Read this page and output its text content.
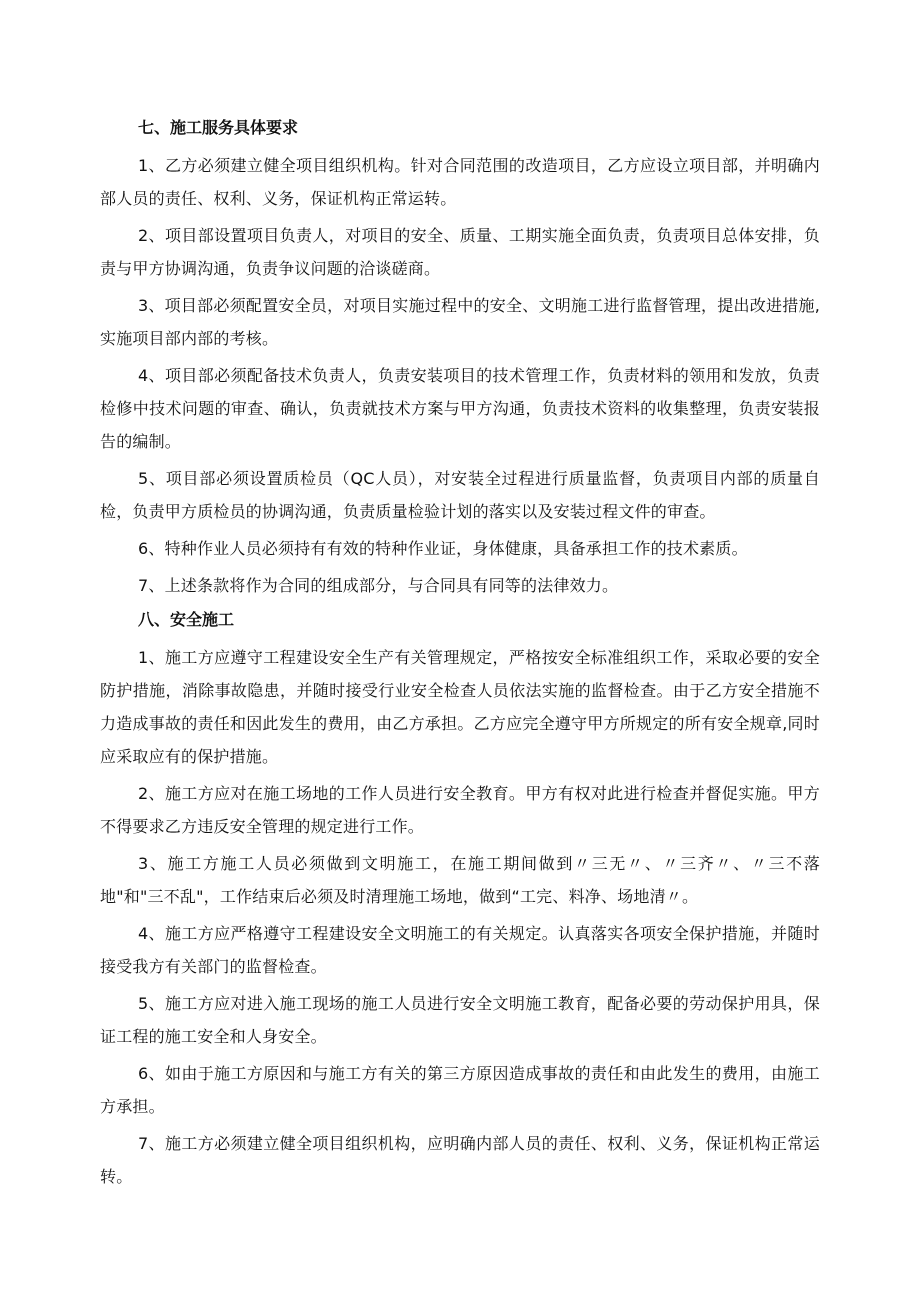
七、施工服务具体要求

1、乙方必须建立健全项目组织机构。针对合同范围的改造项目，乙方应设立项目部，并明确内部人员的责任、权利、义务，保证机构正常运转。

2、项目部设置项目负责人，对项目的安全、质量、工期实施全面负责，负责项目总体安排，负责与甲方协调沟通，负责争议问题的洽谈磋商。

3、项目部必须配置安全员，对项目实施过程中的安全、文明施工进行监督管理，提出改进措施,实施项目部内部的考核。

4、项目部必须配备技术负责人，负责安装项目的技术管理工作，负责材料的领用和发放，负责检修中技术问题的审查、确认，负责就技术方案与甲方沟通，负责技术资料的收集整理，负责安装报告的编制。

5、项目部必须设置质检员（QC人员），对安装全过程进行质量监督，负责项目内部的质量自检，负责甲方质检员的协调沟通，负责质量检验计划的落实以及安装过程文件的审查。

6、特种作业人员必须持有有效的特种作业证，身体健康，具备承担工作的技术素质。

7、上述条款将作为合同的组成部分，与合同具有同等的法律效力。

八、安全施工

1、施工方应遵守工程建设安全生产有关管理规定，严格按安全标准组织工作，采取必要的安全防护措施，消除事故隐患，并随时接受行业安全检查人员依法实施的监督检查。由于乙方安全措施不力造成事故的责任和因此发生的费用，由乙方承担。乙方应完全遵守甲方所规定的所有安全规章,同时应采取应有的保护措施。

2、施工方应对在施工场地的工作人员进行安全教育。甲方有权对此进行检查并督促实施。甲方不得要求乙方违反安全管理的规定进行工作。

3、施工方施工人员必须做到文明施工，在施工期间做到〃三无〃、〃三齐〃、〃三不落地"和"三不乱"，工作结束后必须及时清理施工场地，做到“工完、料净、场地清〃。

4、施工方应严格遵守工程建设安全文明施工的有关规定。认真落实各项安全保护措施，并随时接受我方有关部门的监督检查。

5、施工方应对进入施工现场的施工人员进行安全文明施工教育，配备必要的劳动保护用具，保证工程的施工安全和人身安全。

6、如由于施工方原因和与施工方有关的第三方原因造成事故的责任和由此发生的费用，由施工方承担。

7、施工方必须建立健全项目组织机构，应明确内部人员的责任、权利、义务，保证机构正常运转。
